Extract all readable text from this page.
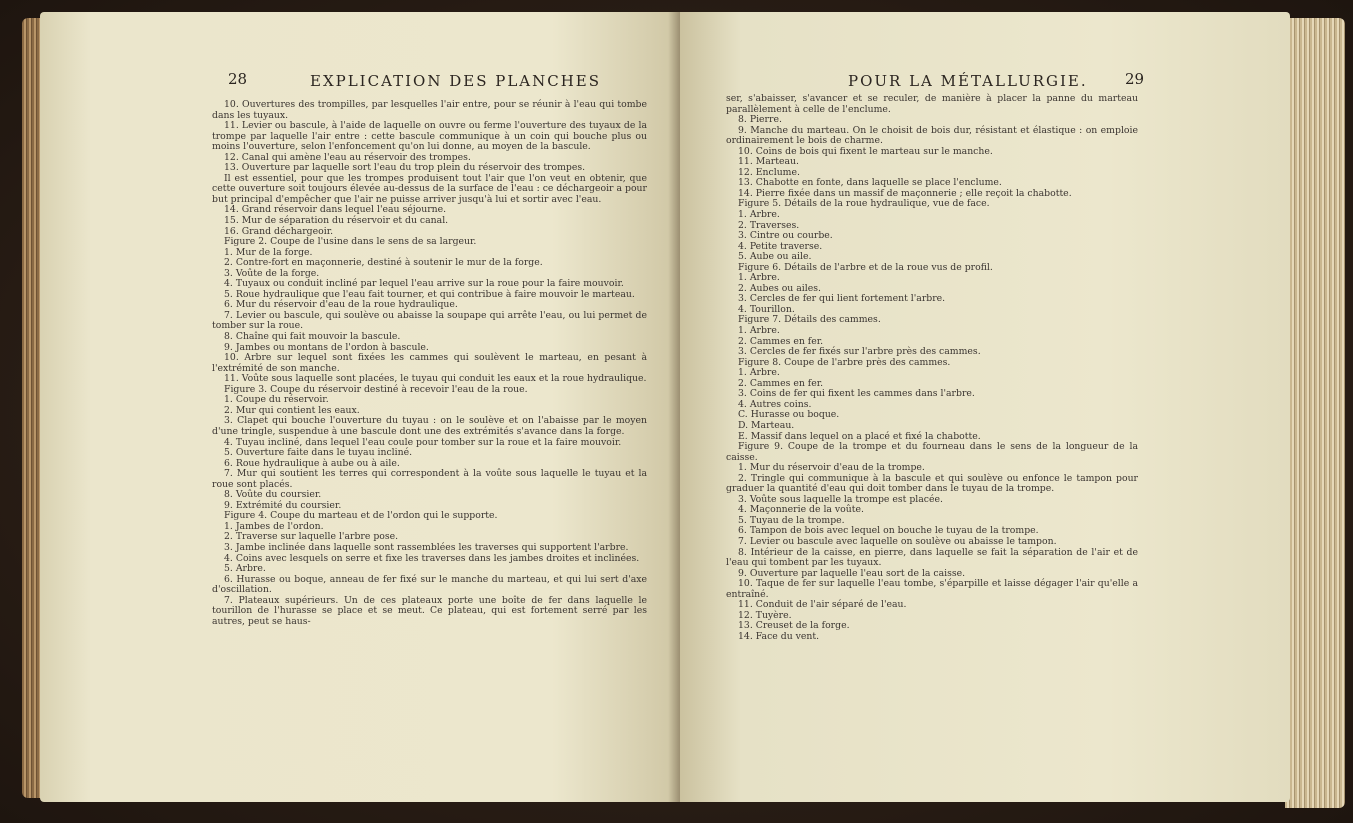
28	EXPLICATION DES PLANCHES

10. Ouvertures des trompilles, par lesquelles l'air entre, pour se réunir à l'eau qui tombe dans les tuyaux.

11. Levier ou bascule, à l'aide de laquelle on ouvre ou ferme l'ouverture des tuyaux de la trompe par laquelle l'air entre : cette bascule communique à un coin qui bouche plus ou moins l'ouverture, selon l'enfoncement qu'on lui donne, au moyen de la bascule.

12. Canal qui amène l'eau au réservoir des trompes.

13. Ouverture par laquelle sort l'eau du trop plein du réservoir des trompes.

Il est essentiel, pour que les trompes produisent tout l'air que l'on veut en obtenir, que cette ouverture soit toujours élevée au-dessus de la surface de l'eau : ce déchargeoir a pour but principal d'empêcher que l'air ne puisse arriver jusqu'à lui et sortir avec l'eau.

14. Grand réservoir dans lequel l'eau séjourne.

15. Mur de séparation du réservoir et du canal.

16. Grand déchargeoir.

Figure 2. Coupe de l'usine dans le sens de sa largeur.

1. Mur de la forge.

2. Contre-fort en maçonnerie, destiné à soutenir le mur de la forge.

3. Voûte de la forge.

4. Tuyaux ou conduit incliné par lequel l'eau arrive sur la roue pour la faire mouvoir.

5. Roue hydraulique que l'eau fait tourner, et qui contribue à faire mouvoir le marteau.

6. Mur du réservoir d'eau de la roue hydraulique.

7. Levier ou bascule, qui soulève ou abaisse la soupape qui arrête l'eau, ou lui permet de tomber sur la roue.

8. Chaîne qui fait mouvoir la bascule.

9. Jambes ou montans de l'ordon à bascule.

10. Arbre sur lequel sont fixées les cammes qui soulèvent le marteau, en pesant à l'extrémité de son manche.

11. Voûte sous laquelle sont placées, le tuyau qui conduit les eaux et la roue hydraulique.

Figure 3. Coupe du réservoir destiné à recevoir l'eau de la roue.

1. Coupe du réservoir.

2. Mur qui contient les eaux.

3. Clapet qui bouche l'ouverture du tuyau : on le soulève et on l'abaisse par le moyen d'une tringle, suspendue à une bascule dont une des extrémités s'avance dans la forge.

4. Tuyau incliné, dans lequel l'eau coule pour tomber sur la roue et la faire mouvoir.

5. Ouverture faite dans le tuyau incliné.

6. Roue hydraulique à aube ou à aile.

7. Mur qui soutient les terres qui correspondent à la voûte sous laquelle le tuyau et la roue sont placés.

8. Voûte du coursier.

9. Extrémité du coursier.

Figure 4. Coupe du marteau et de l'ordon qui le supporte.

1. Jambes de l'ordon.

2. Traverse sur laquelle l'arbre pose.

3. Jambe inclinée dans laquelle sont rassemblées les traverses qui supportent l'arbre.

4. Coins avec lesquels on serre et fixe les traverses dans les jambes droites et inclinées.

5. Arbre.

6. Hurasse ou boque, anneau de fer fixé sur le manche du marteau, et qui lui sert d'axe d'oscillation.

7. Plateaux supérieurs. Un de ces plateaux porte une boîte de fer dans laquelle le tourillon de l'hurasse se place et se meut. Ce plateau, qui est fortement serré par les autres, peut se haus-

POUR LA MÉTALLURGIE. 29

ser, s'abaisser, s'avancer et se reculer, de manière à placer la panne du marteau parallèlement à celle de l'enclume.

8. Pierre.

9. Manche du marteau. On le choisit de bois dur, résistant et élastique : on emploie ordinairement le bois de charme.

10. Coins de bois qui fixent le marteau sur le manche.

11. Marteau.

12. Enclume.

13. Chabotte en fonte, dans laquelle se place l'enclume.

14. Pierre fixée dans un massif de maçonnerie ; elle reçoit la chabotte.

Figure 5. Détails de la roue hydraulique, vue de face.

1. Arbre.

2. Traverses.

3. Cintre ou courbe.

4. Petite traverse.

5. Aube ou aile.

Figure 6. Détails de l'arbre et de la roue vus de profil.

1. Arbre.

2. Aubes ou ailes.

3. Cercles de fer qui lient fortement l'arbre.

4. Tourillon.

Figure 7. Détails des cammes.

1. Arbre.

2. Cammes en fer.

3. Cercles de fer fixés sur l'arbre près des cammes.

Figure 8. Coupe de l'arbre près des cammes.

1. Arbre.

2. Cammes en fer.

3. Coins de fer qui fixent les cammes dans l'arbre.

4. Autres coins.

C. Hurasse ou boque.

D. Marteau.

E. Massif dans lequel on a placé et fixé la chabotte.

Figure 9. Coupe de la trompe et du fourneau dans le sens de la longueur de la caisse.

1. Mur du réservoir d'eau de la trompe.

2. Tringle qui communique à la bascule et qui soulève ou enfonce le tampon pour graduer la quantité d'eau qui doit tomber dans le tuyau de la trompe.

3. Voûte sous laquelle la trompe est placée.

4. Maçonnerie de la voûte.

5. Tuyau de la trompe.

6. Tampon de bois avec lequel on bouche le tuyau de la trompe.

7. Levier ou bascule avec laquelle on soulève ou abaisse le tampon.

8. Intérieur de la caisse, en pierre, dans laquelle se fait la séparation de l'air et de l'eau qui tombent par les tuyaux.

9. Ouverture par laquelle l'eau sort de la caisse.

10. Taque de fer sur laquelle l'eau tombe, s'éparpille et laisse dégager l'air qu'elle a entraîné.

11. Conduit de l'air séparé de l'eau.

12. Tuyère.

13. Creuset de la forge.

14. Face du vent.
